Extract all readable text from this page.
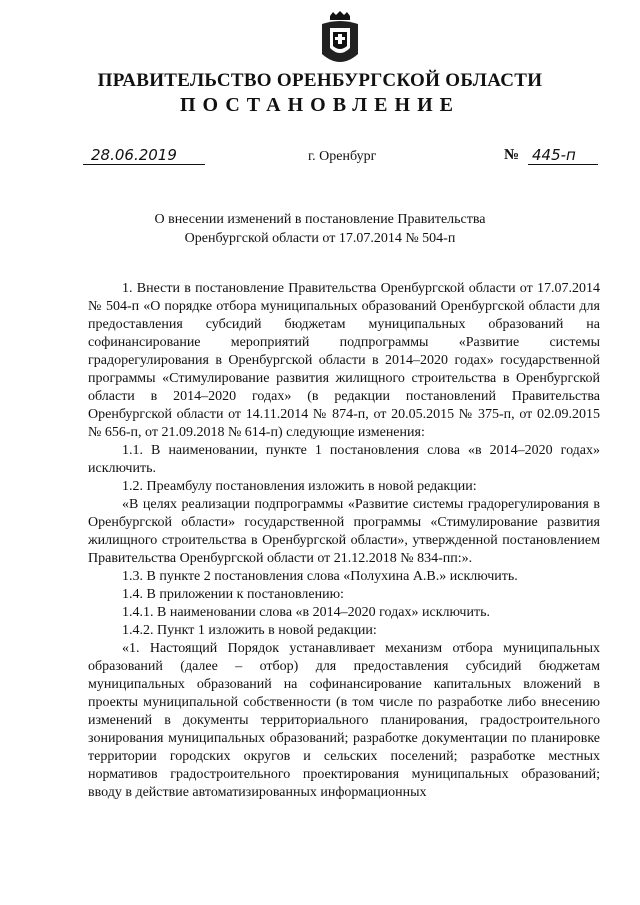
ПРАВИТЕЛЬСТВО ОРЕНБУРГСКОЙ ОБЛАСТИ
ПОСТАНОВЛЕНИЕ
28.06.2019	г. Оренбург	№ 445-п
О внесении изменений в постановление Правительства
Оренбургской области от 17.07.2014 № 504-п

1. Внести в постановление Правительства Оренбургской области от 17.07.2014 № 504-п «О порядке отбора муниципальных образований Оренбургской области для предоставления субсидий бюджетам муниципальных образований на софинансирование мероприятий подпрограммы «Развитие системы градорегулирования в Оренбургской области в 2014–2020 годах» государственной программы «Стимулирование развития жилищного строительства в Оренбургской области в 2014–2020 годах» (в редакции постановлений Правительства Оренбургской области от 14.11.2014 № 874-п, от 20.05.2015 № 375-п, от 02.09.2015 № 656-п, от 21.09.2018 № 614-п) следующие изменения:

1.1. В наименовании, пункте 1 постановления слова «в 2014–2020 годах» исключить.

1.2. Преамбулу постановления изложить в новой редакции:

«В целях реализации подпрограммы «Развитие системы градорегулирования в Оренбургской области» государственной программы «Стимулирование развития жилищного строительства в Оренбургской области», утвержденной постановлением Правительства Оренбургской области от 21.12.2018 № 834-пп:».

1.3. В пункте 2 постановления слова «Полухина А.В.» исключить.

1.4. В приложении к постановлению:

1.4.1. В наименовании слова «в 2014–2020 годах» исключить.

1.4.2. Пункт 1 изложить в новой редакции:

«1. Настоящий Порядок устанавливает механизм отбора муниципальных образований (далее – отбор) для предоставления субсидий бюджетам муниципальных образований на софинансирование капитальных вложений в проекты муниципальной собственности (в том числе по разработке либо внесению изменений в документы территориального планирования, градостроительного зонирования муниципальных образований; разработке документации по планировке территории городских округов и сельских поселений; разработке местных нормативов градостроительного проектирования муниципальных образований; вводу в действие автоматизированных информационных
